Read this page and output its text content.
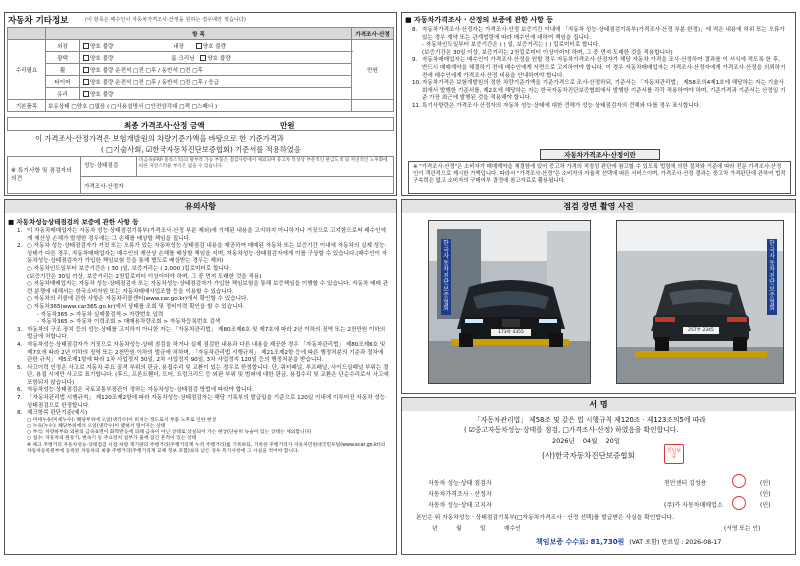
자동차 기타정보	(이 항목은 매수인이 자동차가격조사·산정을 원하는 경우에만 적습니다)
	항 목		가격조사·산정
수리필요	외장	양호 불량 내장 양호 불량	만원
	광택	양호 불량 룸 크리닝 양호 불량	
	휠	양호 불량 운전석 □전 □후 / 동반석 □전 □후	
	타이어	양호 불량 운전석 □전 □후 / 동반석 □전 □후 / 응급	
	유리	양호 불량	
기본품목	보유상태 □양호 □없음 ( □사용설명서 □안전삼각대 □잭 □스패너 )		
최종 가격조사·산정 금액	만원
이 가격조사·산정가격은 보험개발원의 차량기준가액을 바탕으로 한 기준가격과
( □기술사회, ☑한국자동차진단보증협회) 기준서를 적용하였음
※ 특기사항 및 점검자의 의견
성능·상태점검
비금속(FRP 플라스틱)의 탈부착 가능 부품은 점검사항에서 제외되며 중고차 특성상 부분적인 판금도색 및 자연적인 노후화에 따른 자연스러운 부식은 없을 수 있습니다.
가격조사·산정자
■ 자동차가격조사 · 산정의 보증에 관한 사항 등
8. 자동차가격조사·산정자는 가격조사·산정 보증기간 이내에 「자동차 성능·상태점검기록부(가격조사·산정 부분 한정)」에 적은 내용에 허위 또는 오류가 있는 경우 계약 또는 관계법령에 따라 매수인에 대하여 책임을 집니다.
- 자동차인도일부터 보증기간은 ( ) 일, 보증거리는 ( ) 킬로미터로 합니다.
(보증기간은 30일 이상, 보증거리는 2천킬로미터 이상이어야 하며, 그 중 먼저 도래한 것을 적용합니다)
9. 자동차매매업자는 매수인이 가격조사·산정을 원할 경우 자동차가격조사·산정자가 해당 자동차 가격을 조사·산정하여 결과를 이 서식에 적도록 한 후, 반드시 매매계약을 체결하기 전에 매수인에게 서면으로 고지하여야 합니다. 이 경우 자동차매매업자는 가격조사·산정자에게 가격조사·산정을 의뢰하기 전에 매수인에게 가격조사·산정 비용을 안내하여야 합니다.
10. 자동차가격은 보험개발원의 정한 차량기준가액을 기준가격으로 조사·산정하되, 기준서는 「자동차관리법」 제58조의4제1호에 해당하는 자는 기술사회에서 발행한 기준서를, 제2호에 해당하는 자는 한국자동차진단보증협회에서 발행한 기준서를 각각 적용하여야 하며, 기준가격과 기준서는 산정일 기준 가장 최근에 발행된 것을 적용해야 합니다.
11. 특기사항란은 가격조사·산정자의 자동차 성능·상태에 대한 견해가 성능·상태점검자의 견해와 다를 경우 표시합니다.
자동차가격조사·산정이란
※ "가격조사·산정"은 소비자가 매매계약을 체결함에 있어 중고차 가격의 적정성 판단에 참고할 수 있도록 법령에 의한 절차와 기준에 따라 전문 가격조사·산정인이 객관적으로 제시한 가액입니다. 따라서 "가격조사·산정"은 소비자의 자율적 선택에 따른 서비스이며, 가격조사·산정 결과는 중고차 가격판단에 관하여 법적 구속력은 없고 소비자의 구매여부 결정에 참고자료로 활용됩니다.
유의사항
■ 자동차성능상태점검의 보증에 관한 사항 등
1. 이 자동차매매업자는 자동차 성능·상태점검기록부(가격조사·산정 부분 제외)에 기재된 내용을 고지하지 아니하거나 거짓으로 고지함으로써 매수인에게 재산상 손해가 발생한 경우에는 그 손해를 배상할 책임을 집니다.
2. ○ 자동차 성능·상태점검자가 거짓 또는 오류가 있는 자동차성능·상태점검 내용을 제공하여 매매된 자동차 또는 보증기간 이내에 자동차의 실제 성능·상태가 다른 경우, 자동차매매업자는 매수인의 재산상 손해를 배상할 책임을 지며, 자동차성능·상태점검자에게 이를 구상할 수 있습니다.(매수인이 자동차성능·상태점검자가 가입한 책임보험 등을 통해 별도로 배상받는 경우는 제외)
○ 자동차인도일부터 보증기간은 ( 30 )일, 보증거리는 ( 2,000 )킬로미터로 합니다.
(보증기간은 30일 이상, 보증거리는 2천킬로미터 이상이어야 하며, 그 중 먼저 도래한 것을 적용)
○ 자동차매매업자는 자동차 성능·상태점검자 또는 자동차성능·상태점검자가 가입한 책임보험을 통해 보증책임을 이행할 수 있습니다. 자동차 매매 관련 분쟁에 대해서는 한국소비자원 또는 자동차매매사업조합 등을 이용할 수 있습니다.
○ 자동차의 리콜에 관한 사항은 자동차리콜센터(www.car.go.kr)에서 확인할 수 있습니다.
○ 자동차365(www.car365.go.kr)에서 상태를 조회 및 정비이력 확인을 할 수 있습니다.
- 자동차365 > 자동차 실매물검색 > 자량번호 입력
- 자동차365 > 자동차 이력조회 > 매매용차량조회 > 자동차등록번호 검색
3. 자동차의 구조·장치 등의 성능·상태를 고지하지 아니한 자는 「자동차관리법」 제80조제6호 및 제7호에 따라 2년 이하의 징역 또는 2천만원 이하의 벌금에 처합니다.
4. 자동차성능·상태점검자가 거짓으로 자동차성능·상태 점검을 하거나 실제 점검한 내용과 다른 내용을 제공한 경우 「자동차관리법」 제80조제6호 및 제7호에 따라 2년 이하의 징역 또는 2천만원 이하의 벌금에 처하며, 「자동차관리법 시행규칙」 제21조제2항 등에 따른 행정처분의 기준과 절차에 관한 규칙」 제5조제1항에 따라 1차 사업정지 30일, 2차 사업정지 90일, 3차 사업정지 120일 등의 행정처분을 받습니다.
5. 사고이력 인정은 사고로 자동차 주요 골격 부위의 판금, 용접수리 및 교환이 있는 경우로 한정합니다. 단, 쿼터패널, 루프패널, 사이드실패널 부위는 절단, 용접 시에만 사고로 표기합니다. (후드, 프론트휀더, 도어, 트렁크리드 등 외판 부위 및 범퍼에 대한 판금, 용접수리 및 교환은 단순수리로서 사고에 포함되지 않습니다)
6. 자동차성능·상태점검은 국토교통부장관이 정하는 자동차성능·상태점검 방법에 따라야 합니다.
7. 「자동차관리법 시행규칙」 제120조제2항에 따라 자동차성능·상태점검자는 해당 기록부의 발급일을 기준으로 120일 이내에 이루어진 자동차 성능·상태점검으로 한정합니다.
8. 체크항목 판단기준(예시)
○ 미세누유(미세누수): 해당부위에 오일(냉각수)이 비치는 정도로서 부품 노후로 인한 현상
○ 누유(누수): 해당부위에서 오일(냉각수)이 맺혀서 떨어지는 상태
○ 부식: 차량하부와 외판의 금속표면이 화학반응에 의해 금속이 아닌 상태로 상실되어 가는 현상(단순히 녹슬어 있는 상태는 제외합니다)
○ 침수: 자동차의 원동기, 변속기 등 주요장치 일부가 물에 잠긴 흔적이 있는 상태
※ 체크 주행거리 자동차성능·상태점검 시점 차량 계기판의 주행거리(주행거리계 누적 주행거리)를 기록하되, 기록한 주행거리가 자동차민원대국민포털(www.ecar.go.kr)의 자동차등록원부에 등록된 자동차의 최종 주행거리(주행거리계 교체 정보 포함)보다 낮은 경우 특기사항에 그 사실을 적어야 합니다.
점검 장면 촬영 사진
173하 4355
한국자동차진단보증협회
257부 2345
한국자동차진단보증협회
서 명
「자동차관리법」 제58조 및 같은 법 시행규칙 제120조 · 제123조의5에 따라
( ☑중고자동차성능·상태를 점검, □가격조사·산정) 하였음을 확인합니다.
2026년 04월 20일
(사)한국자동차진단보증협회	진단보증
자동차 성능·상태 점검자	천안센터 김성용	(인)
자동차가격조사 · 산정자	(인)
자동차 성능·상태 고지자	(주)카 자동차매매업소	(인)
본인은 위 자동차성능 · 상태점검기록부(□자동차가격조사 · 산정 선택)를 발급받은 사실을 확인합니다.
년          월          일          매수인	(서명 또는 인)
책임보증 수수료: 81,730원 (VAT 포함) 만료일 : 2026-08-17
